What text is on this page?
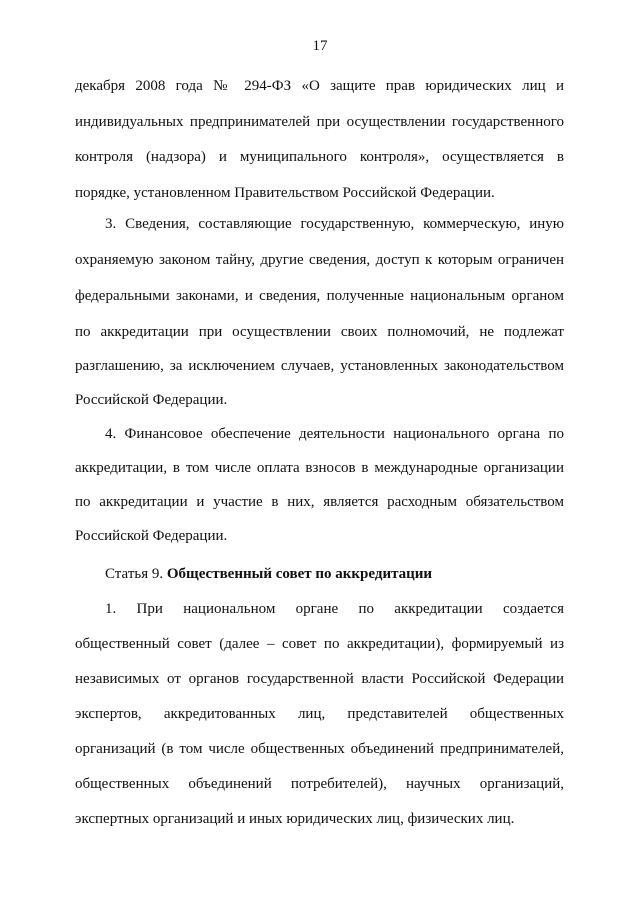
17
декабря 2008 года № 294-ФЗ «О защите прав юридических лиц и
индивидуальных предпринимателей при осуществлении государственного
контроля (надзора) и муниципального контроля», осуществляется в
порядке, установленном Правительством Российской Федерации.
3. Сведения, составляющие государственную, коммерческую, иную
охраняемую законом тайну, другие сведения, доступ к которым ограничен
федеральными законами, и сведения, полученные национальным органом
по аккредитации при осуществлении своих полномочий, не подлежат
разглашению, за исключением случаев, установленных законодательством
Российской Федерации.
4. Финансовое обеспечение деятельности национального органа по
аккредитации, в том числе оплата взносов в международные организации
по аккредитации и участие в них, является расходным обязательством
Российской Федерации.
Статья 9. Общественный совет по аккредитации
1. При национальном органе по аккредитации создается
общественный совет (далее – совет по аккредитации), формируемый из
независимых от органов государственной власти Российской Федерации
экспертов, аккредитованных лиц, представителей общественных
организаций (в том числе общественных объединений предпринимателей,
общественных объединений потребителей), научных организаций,
экспертных организаций и иных юридических лиц, физических лиц.
